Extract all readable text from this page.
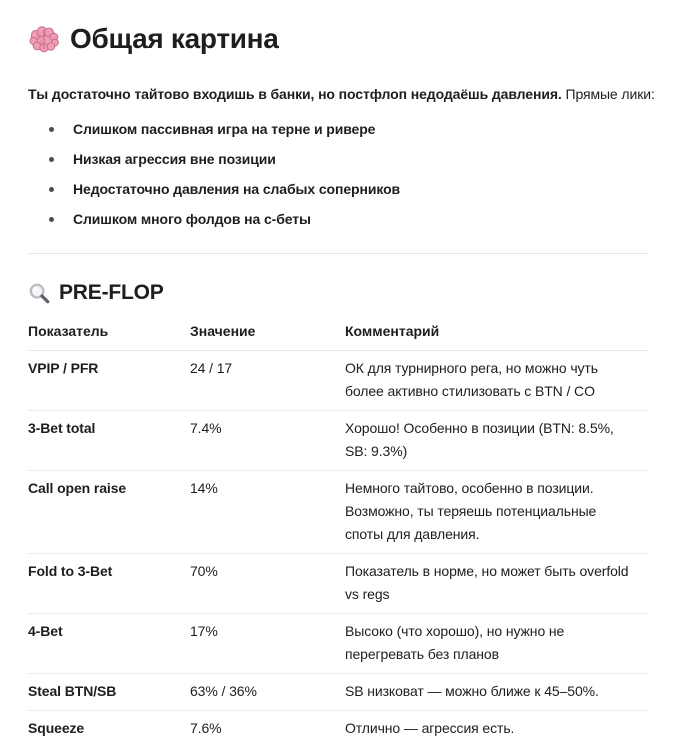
Общая картина

Ты достаточно тайтово входишь в банки, но постфлоп недодаёшь давления. Прямые лики:

Слишком пассивная игра на терне и ривере
Низкая агрессия вне позиции
Недостаточно давления на слабых соперников
Слишком много фолдов на с-беты
PRE-FLOP
Показатель	Значение	Комментарий
VPIP / PFR	24 / 17	ОК для турнирного рега, но можно чуть более активно стилизовать с BTN / CO
3-Bet total	7.4%	Хорошо! Особенно в позиции (BTN: 8.5%, SB: 9.3%)
Call open raise	14%	Немного тайтово, особенно в позиции. Возможно, ты теряешь потенциальные споты для давления.
Fold to 3-Bet	70%	Показатель в норме, но может быть overfold vs regs
4-Bet	17%	Высоко (что хорошо), но нужно не перегревать без планов
Steal BTN/SB	63% / 36%	SB низковат — можно ближе к 45–50%.
Squeeze	7.6%	Отлично — агрессия есть.
